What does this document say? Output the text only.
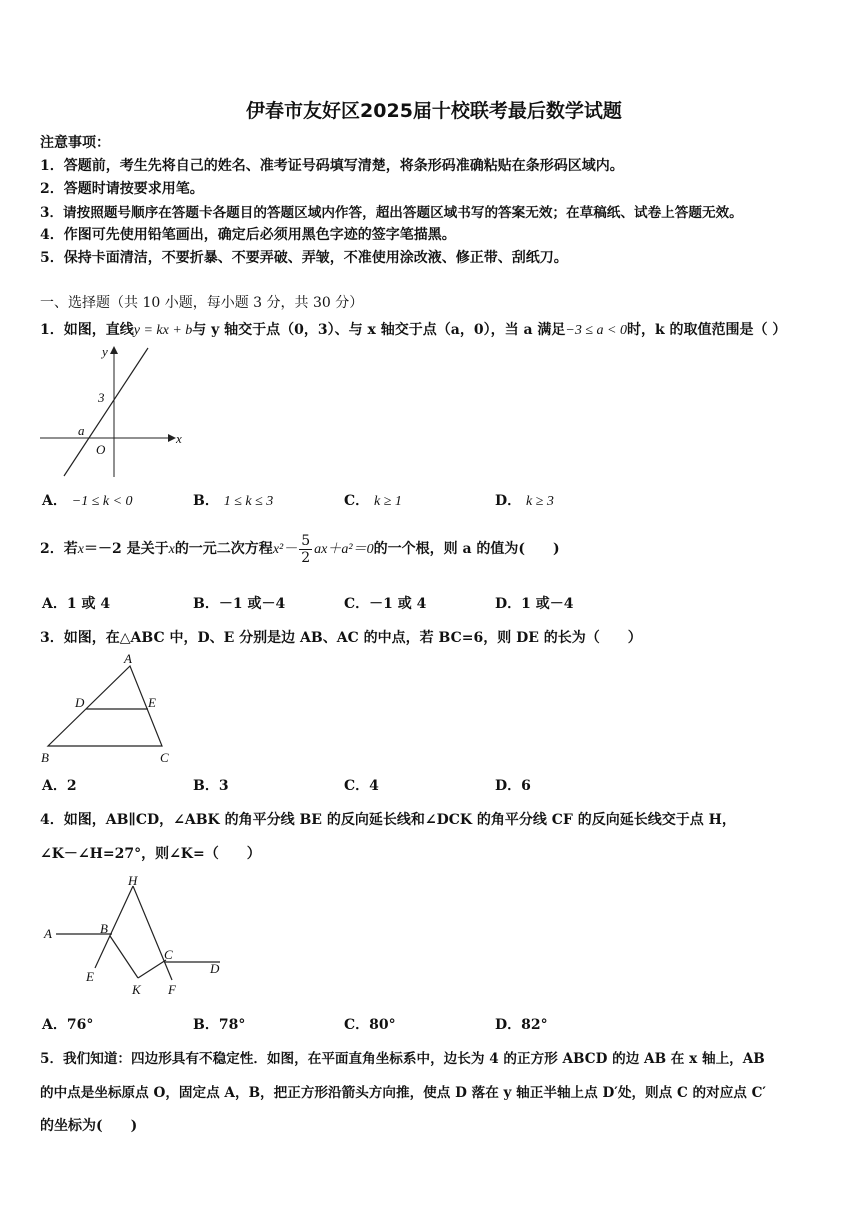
伊春市友好区2025届十校联考最后数学试题
注意事项：
1．答题前，考生先将自己的姓名、准考证号码填写清楚，将条形码准确粘贴在条形码区域内。
2．答题时请按要求用笔。
3．请按照题号顺序在答题卡各题目的答题区域内作答，超出答题区域书写的答案无效；在草稿纸、试卷上答题无效。
4．作图可先使用铅笔画出，确定后必须用黑色字迹的签字笔描黑。
5．保持卡面清洁，不要折暴、不要弄破、弄皱，不准使用涂改液、修正带、刮纸刀。
一、选择题（共 10 小题，每小题 3 分，共 30 分）
1．如图，直线y = kx + b与 y 轴交于点（0，3）、与 x 轴交于点（a，0），当 a 满足−3 ≤ a < 0时，k 的取值范围是（ ）
y
x
3
a
O
A． −1 ≤ k < 0	B． 1 ≤ k ≤ 3	C． k ≥ 1	D． k ≥ 3
2．若x＝－2 是关于x的一元二次方程$x^2- \frac{5}{2} ax+a^2=0$的一个根，则 a 的值为(　　)
A．1 或 4	B．－1 或－4	C．－1 或 4	D．1 或－4
3．如图，在△ABC 中，D、E 分别是边 AB、AC 的中点，若 BC=6，则 DE 的长为（　　）
A
B	C
D	E
A．2	B．3	C．4	D．6
4．如图，AB∥CD，∠ABK 的角平分线 BE 的反向延长线和∠DCK 的角平分线 CF 的反向延长线交于点 H，
∠K－∠H=27°，则∠K=（　　）
H
A	B
C
D
E
K F
A．76°	B．78°	C．80°	D．82°
5．我们知道：四边形具有不稳定性．如图，在平面直角坐标系中，边长为 4 的正方形 ABCD 的边 AB 在 x 轴上，AB
的中点是坐标原点 O，固定点 A，B，把正方形沿箭头方向推，使点 D 落在 y 轴正半轴上点 D′处，则点 C 的对应点 C′
的坐标为(　　)
